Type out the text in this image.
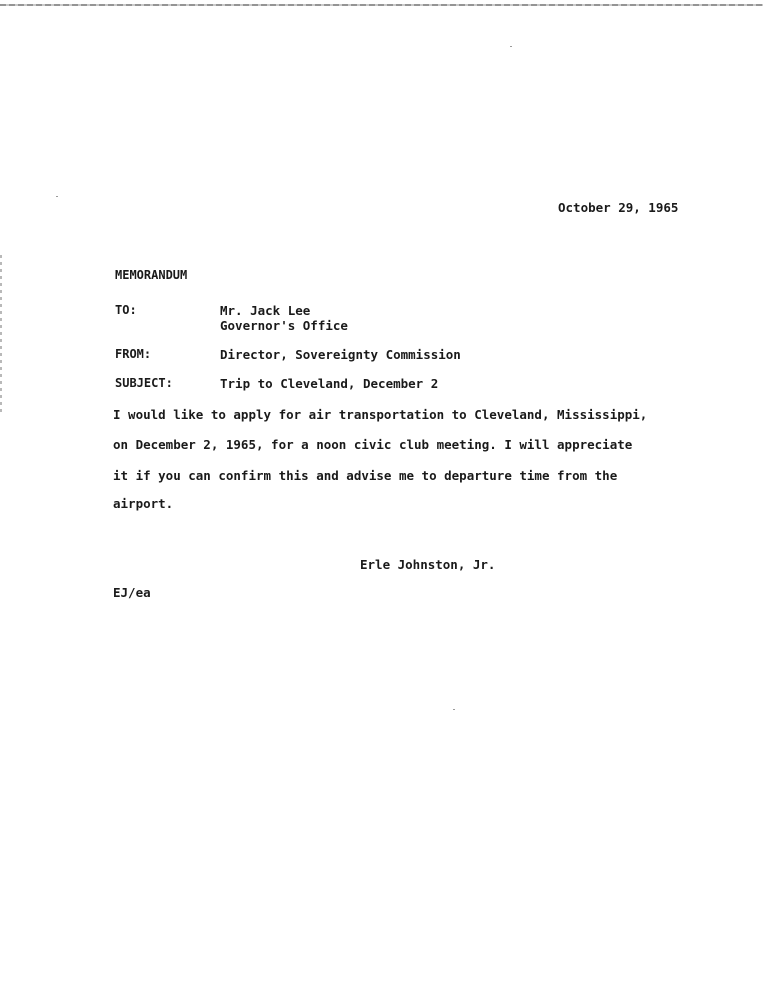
October 29, 1965
MEMORANDUM
TO:	Mr. Jack Lee
Governor's Office
FROM:	Director, Sovereignty Commission
SUBJECT:	Trip to Cleveland, December 2
I would like to apply for air transportation to Cleveland, Mississippi,
on December 2, 1965, for a noon civic club meeting. I will appreciate
it if you can confirm this and advise me to departure time from the
airport.
Erle Johnston, Jr.
EJ/ea
